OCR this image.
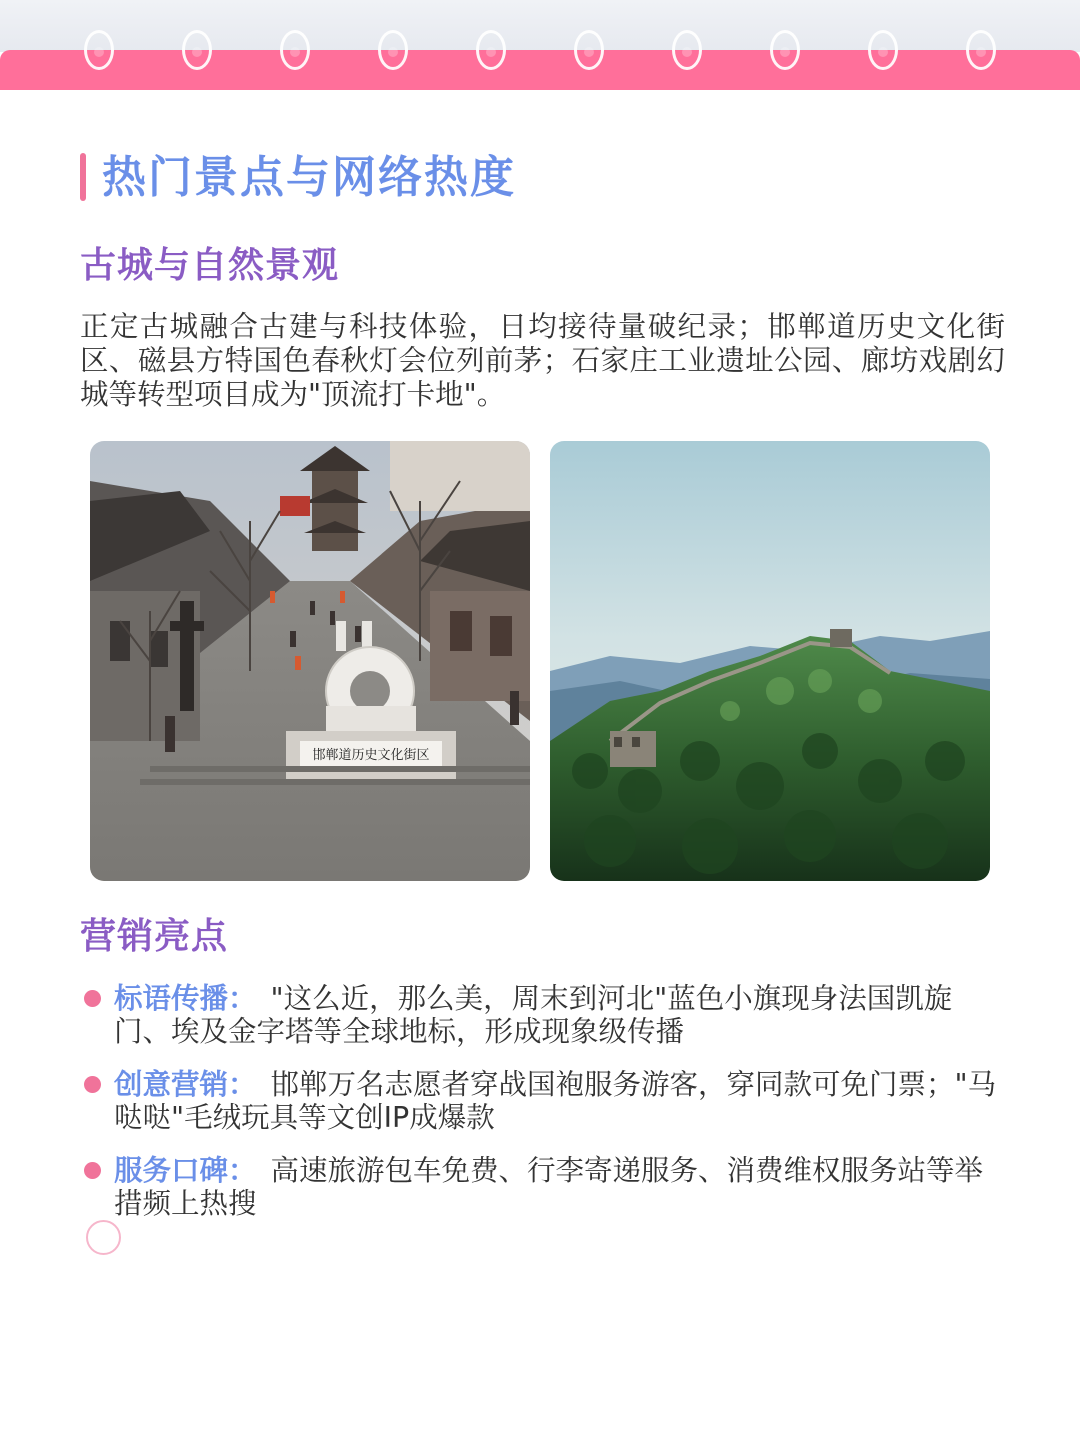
热门景点与网络热度
古城与自然景观

正定古城融合古建与科技体验，日均接待量破纪录；邯郸道历史文化街区、磁县方特国色春秋灯会位列前茅；石家庄工业遗址公园、廊坊戏剧幻城等转型项目成为"顶流打卡地"。

邯郸道历史文化街区
营销亮点

标语传播： "这么近，那么美，周末到河北"蓝色小旗现身法国凯旋门、埃及金字塔等全球地标，形成现象级传播

创意营销： 邯郸万名志愿者穿战国袍服务游客，穿同款可免门票；"马哒哒"毛绒玩具等文创IP成爆款

服务口碑： 高速旅游包车免费、行李寄递服务、消费维权服务站等举措频上热搜
